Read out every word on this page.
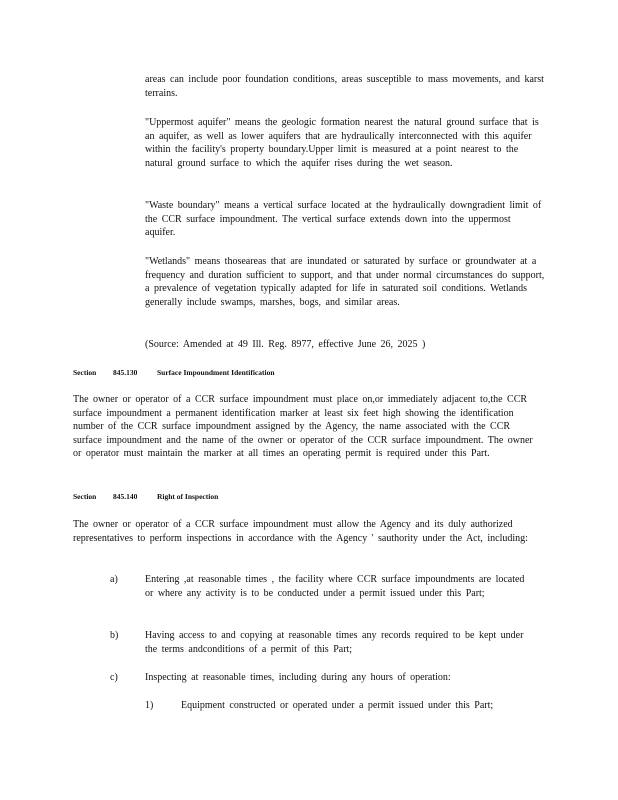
areas can include poor foundation conditions, areas susceptible to mass movements, and karst terrains.
"Uppermost aquifer" means the geologic formation nearest the natural ground surface that is an aquifer, as well as lower aquifers that are hydraulically interconnected with this aquifer within the facility's property boundary.Upper limit is measured at a point nearest to the natural ground surface to which the aquifer rises during the wet season.
"Waste boundary" means a vertical surface located at the hydraulically downgradient limit of the CCR surface impoundment. The vertical surface extends down into the uppermost aquifer.
"Wetlands" means thoseareas that are inundated or saturated by surface or groundwater at a frequency and duration sufficient to support, and that under normal circumstances do support, a prevalence of vegetation typically adapted for life in saturated soil conditions. Wetlands generally include swamps, marshes, bogs, and similar areas.
(Source: Amended at 49 Ill. Reg. 8977, effective June 26, 2025 )
Section 845.130	Surface Impoundment Identification
The owner or operator of a CCR surface impoundment must place on,or immediately adjacent to,the CCR surface impoundment a permanent identification marker at least six feet high showing the identification number of the CCR surface impoundment assigned by the Agency, the name associated with the CCR surface impoundment and the name of the owner or operator of the CCR surface impoundment. The owner or operator must maintain the marker at all times an operating permit is required under this Part.
Section 845.140	Right of Inspection
The owner or operator of a CCR surface impoundment must allow the Agency and its duly authorized representatives to perform inspections in accordance with the Agency ' sauthority under the Act, including:
a)	Entering ,at reasonable times , the facility where CCR surface impoundments are located or where any activity is to be conducted under a permit issued under this Part;
b)	Having access to and copying at reasonable times any records required to be kept under the terms andconditions of a permit of this Part;
c)	Inspecting at reasonable times, including during any hours of operation:
1)	Equipment constructed or operated under a permit issued under this Part;
